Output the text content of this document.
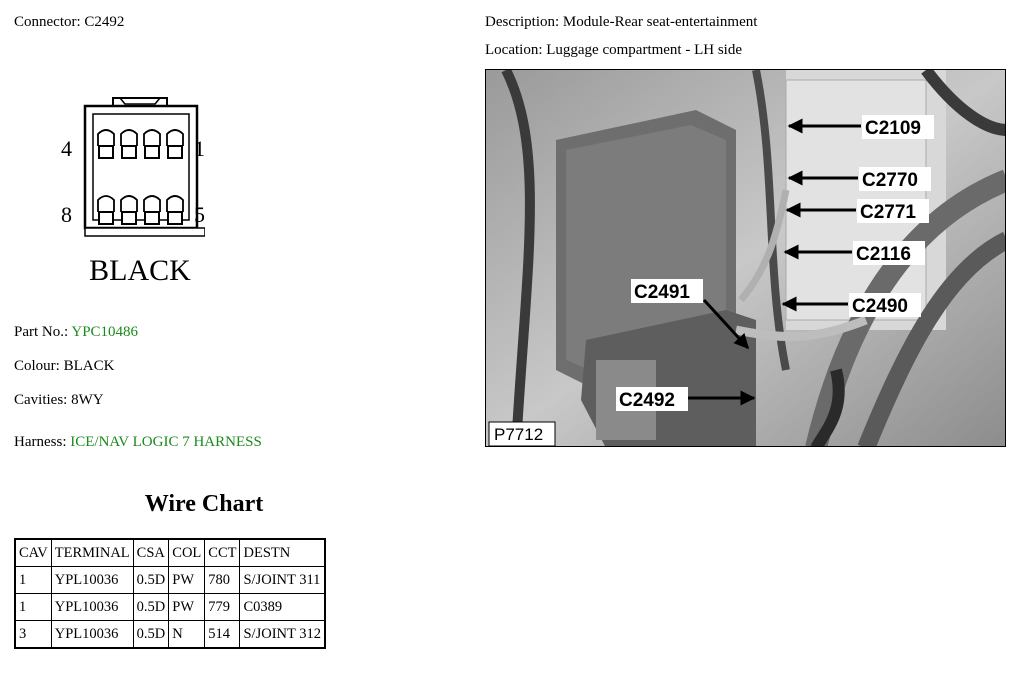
Connector: C2492	Description: Module-Rear seat-entertainment
Location: Luggage compartment - LH side
4	1
8	5
BLACK
Part No.: YPC10486
Colour: BLACK
Cavities: 8WY
Harness: ICE/NAV LOGIC 7 HARNESS
C2109
C2770
C2771
C2116
C2490
C2491
C2492
P7712
Wire Chart
CAV	TERMINAL	CSA	COL	CCT	DESTN
1	YPL10036	0.5D	PW	780	S/JOINT 311
1	YPL10036	0.5D	PW	779	C0389
3	YPL10036	0.5D	N	514	S/JOINT 312
